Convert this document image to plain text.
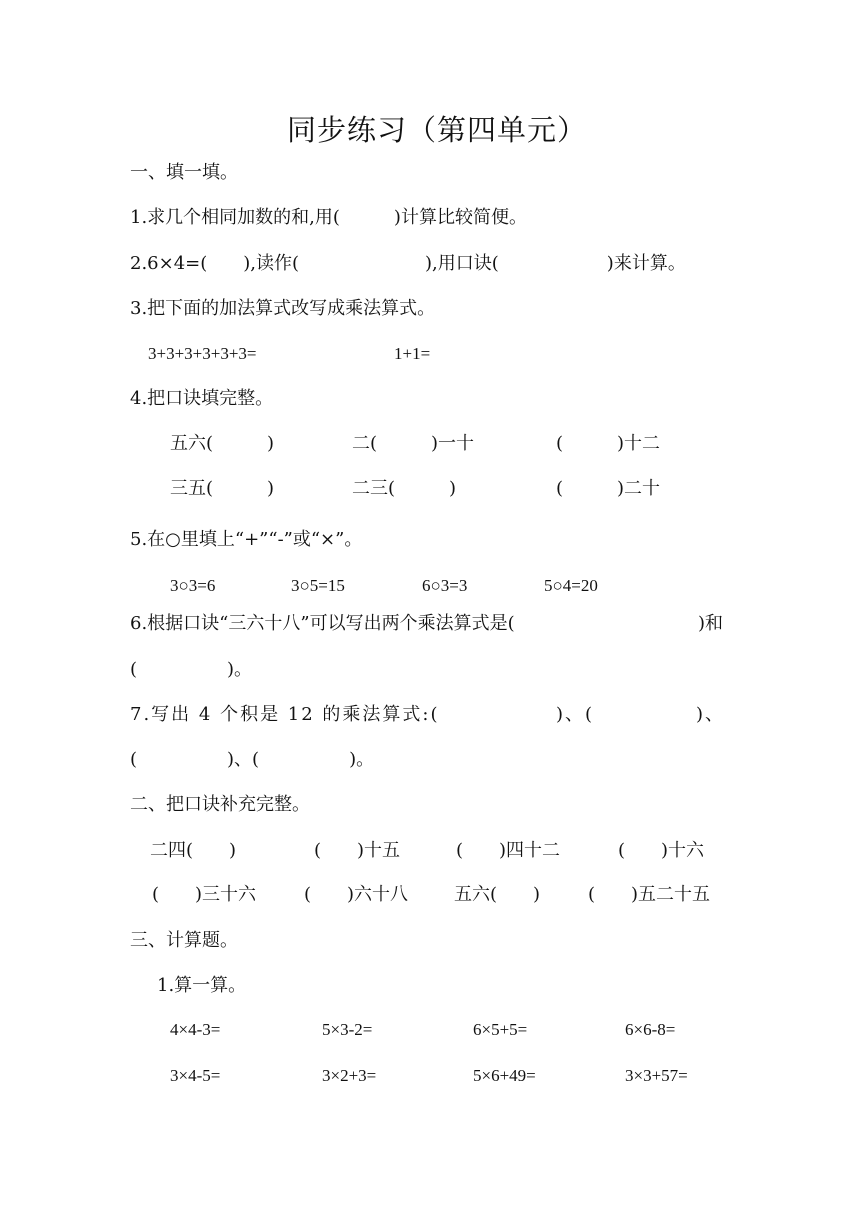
同步练习（第四单元）
一、填一填。
1.求几个相同加数的和,用(　　　)计算比较简便。
2.6×4=(　　),读作(　　　　　　　),用口诀(　　　　　　)来计算。
3.把下面的加法算式改写成乘法算式。
3+3+3+3+3+3=	1+1=
4.把口诀填完整。
五六(　　　)	二(　　　)一十	(　　　)十二
三五(　　　)	二三(　　　)	(　　　)二十
5.在○里填上“+”“-”或“×”。
3○3=6	3○5=15	6○3=3	5○4=20
6.根据口诀“三六十八”可以写出两个乘法算式是(	)和
(　　　　　)。
7.写出 4 个积是 12 的乘法算式:(	)、(	)、
(　　　　　)、(　　　　　)。
二、把口诀补充完整。
二四(　　)	(　　)十五	(　　)四十二	(　　)十六
(　　)三十六	(　　)六十八	五六(　　)	(　　)五二十五
三、计算题。
1.算一算。
4×4-3=	5×3-2=	6×5+5=	6×6-8=
3×4-5=	3×2+3=	5×6+49=	3×3+57=
